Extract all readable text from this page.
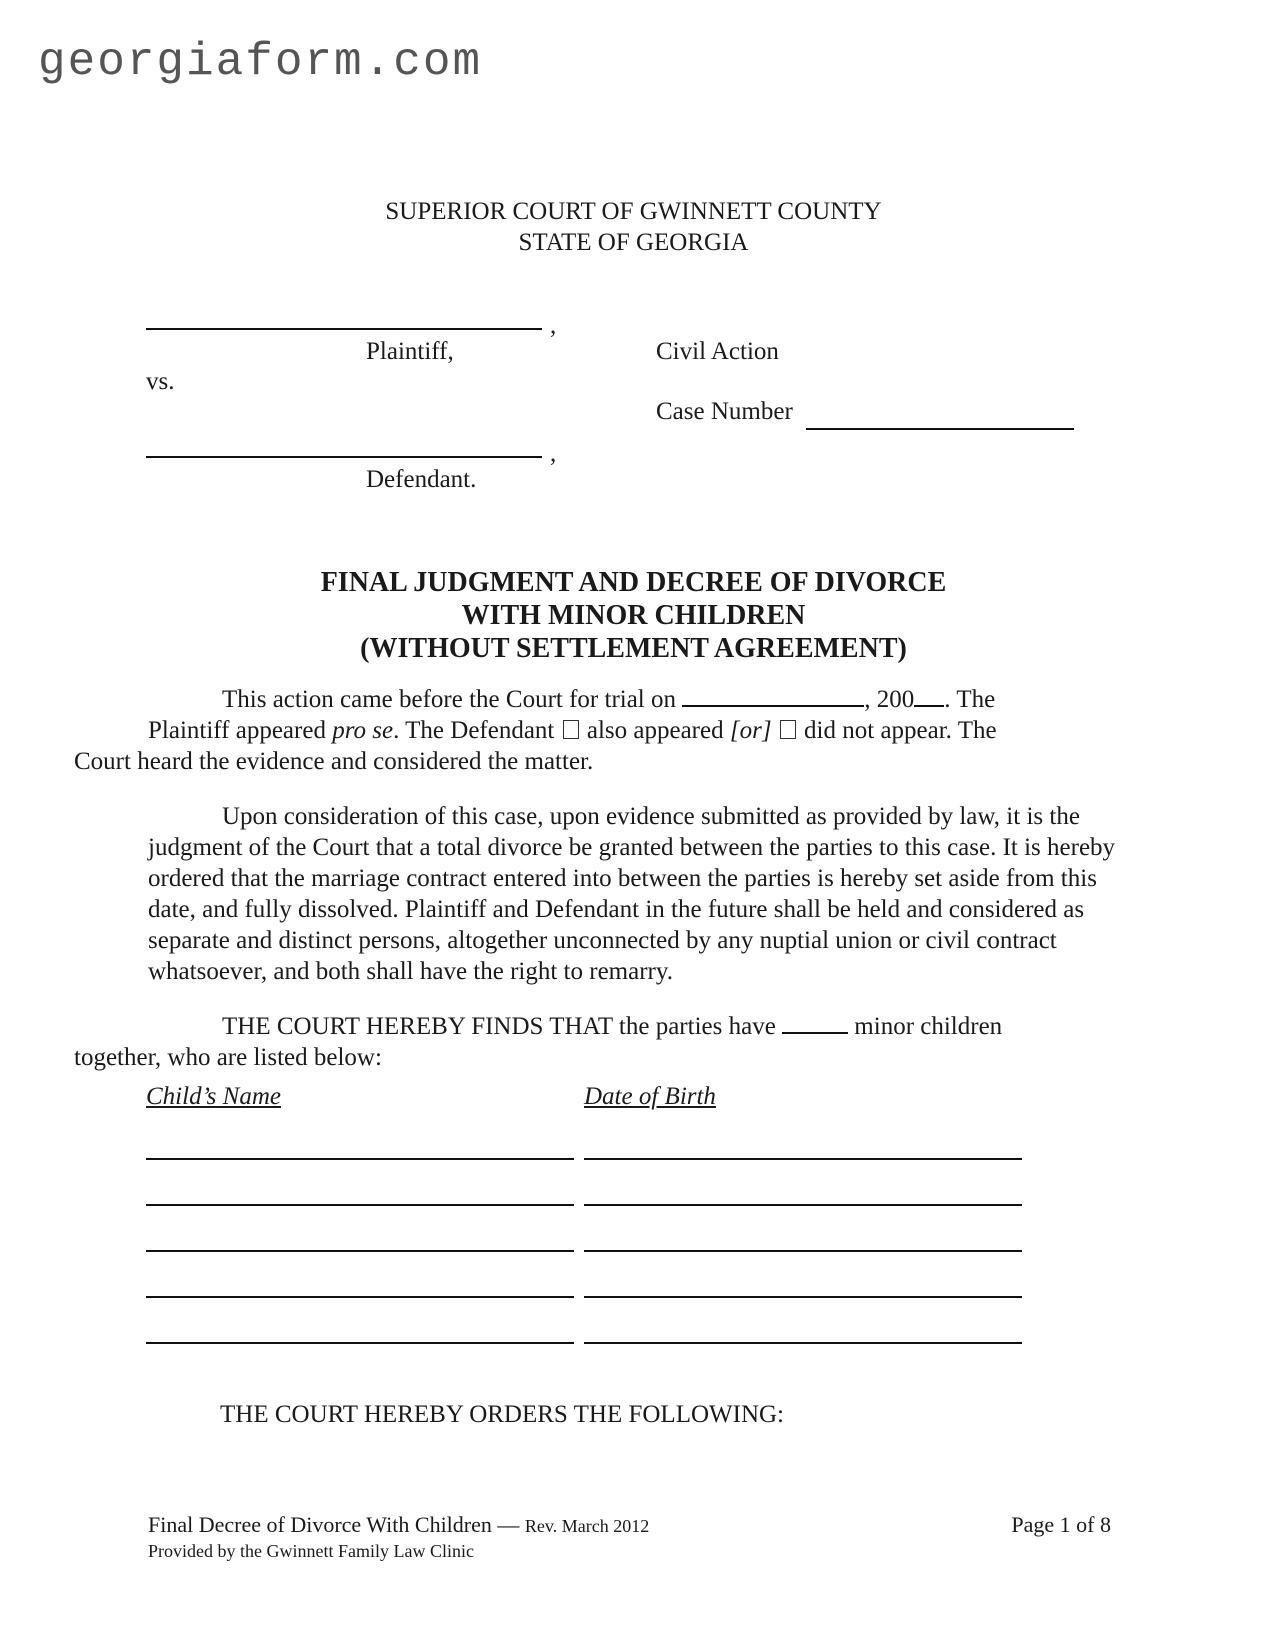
georgiaform.com
SUPERIOR COURT OF GWINNETT COUNTY
STATE OF GEORGIA
,
Plaintiff,	Civil Action
vs.
Case Number
,
Defendant.
FINAL JUDGMENT AND DECREE OF DIVORCE
WITH MINOR CHILDREN
(WITHOUT SETTLEMENT AGREEMENT)
This action came before the Court for trial on	, 200 . The
Plaintiff appeared pro se. The Defendant also appeared [or] did not appear. The
Court heard the evidence and considered the matter.
Upon consideration of this case, upon evidence submitted as provided by law, it is the judgment of the Court that a total divorce be granted between the parties to this case. It is hereby ordered that the marriage contract entered into between the parties is hereby set aside from this date, and fully dissolved. Plaintiff and Defendant in the future shall be held and considered as separate and distinct persons, altogether unconnected by any nuptial union or civil contract whatsoever, and both shall have the right to remarry.
THE COURT HEREBY FINDS THAT the parties have	minor children
together, who are listed below:
Child’s Name	Date of Birth
THE COURT HEREBY ORDERS THE FOLLOWING:
Final Decree of Divorce With Children — Rev. March 2012
Provided by the Gwinnett Family Law Clinic
Page 1 of 8
